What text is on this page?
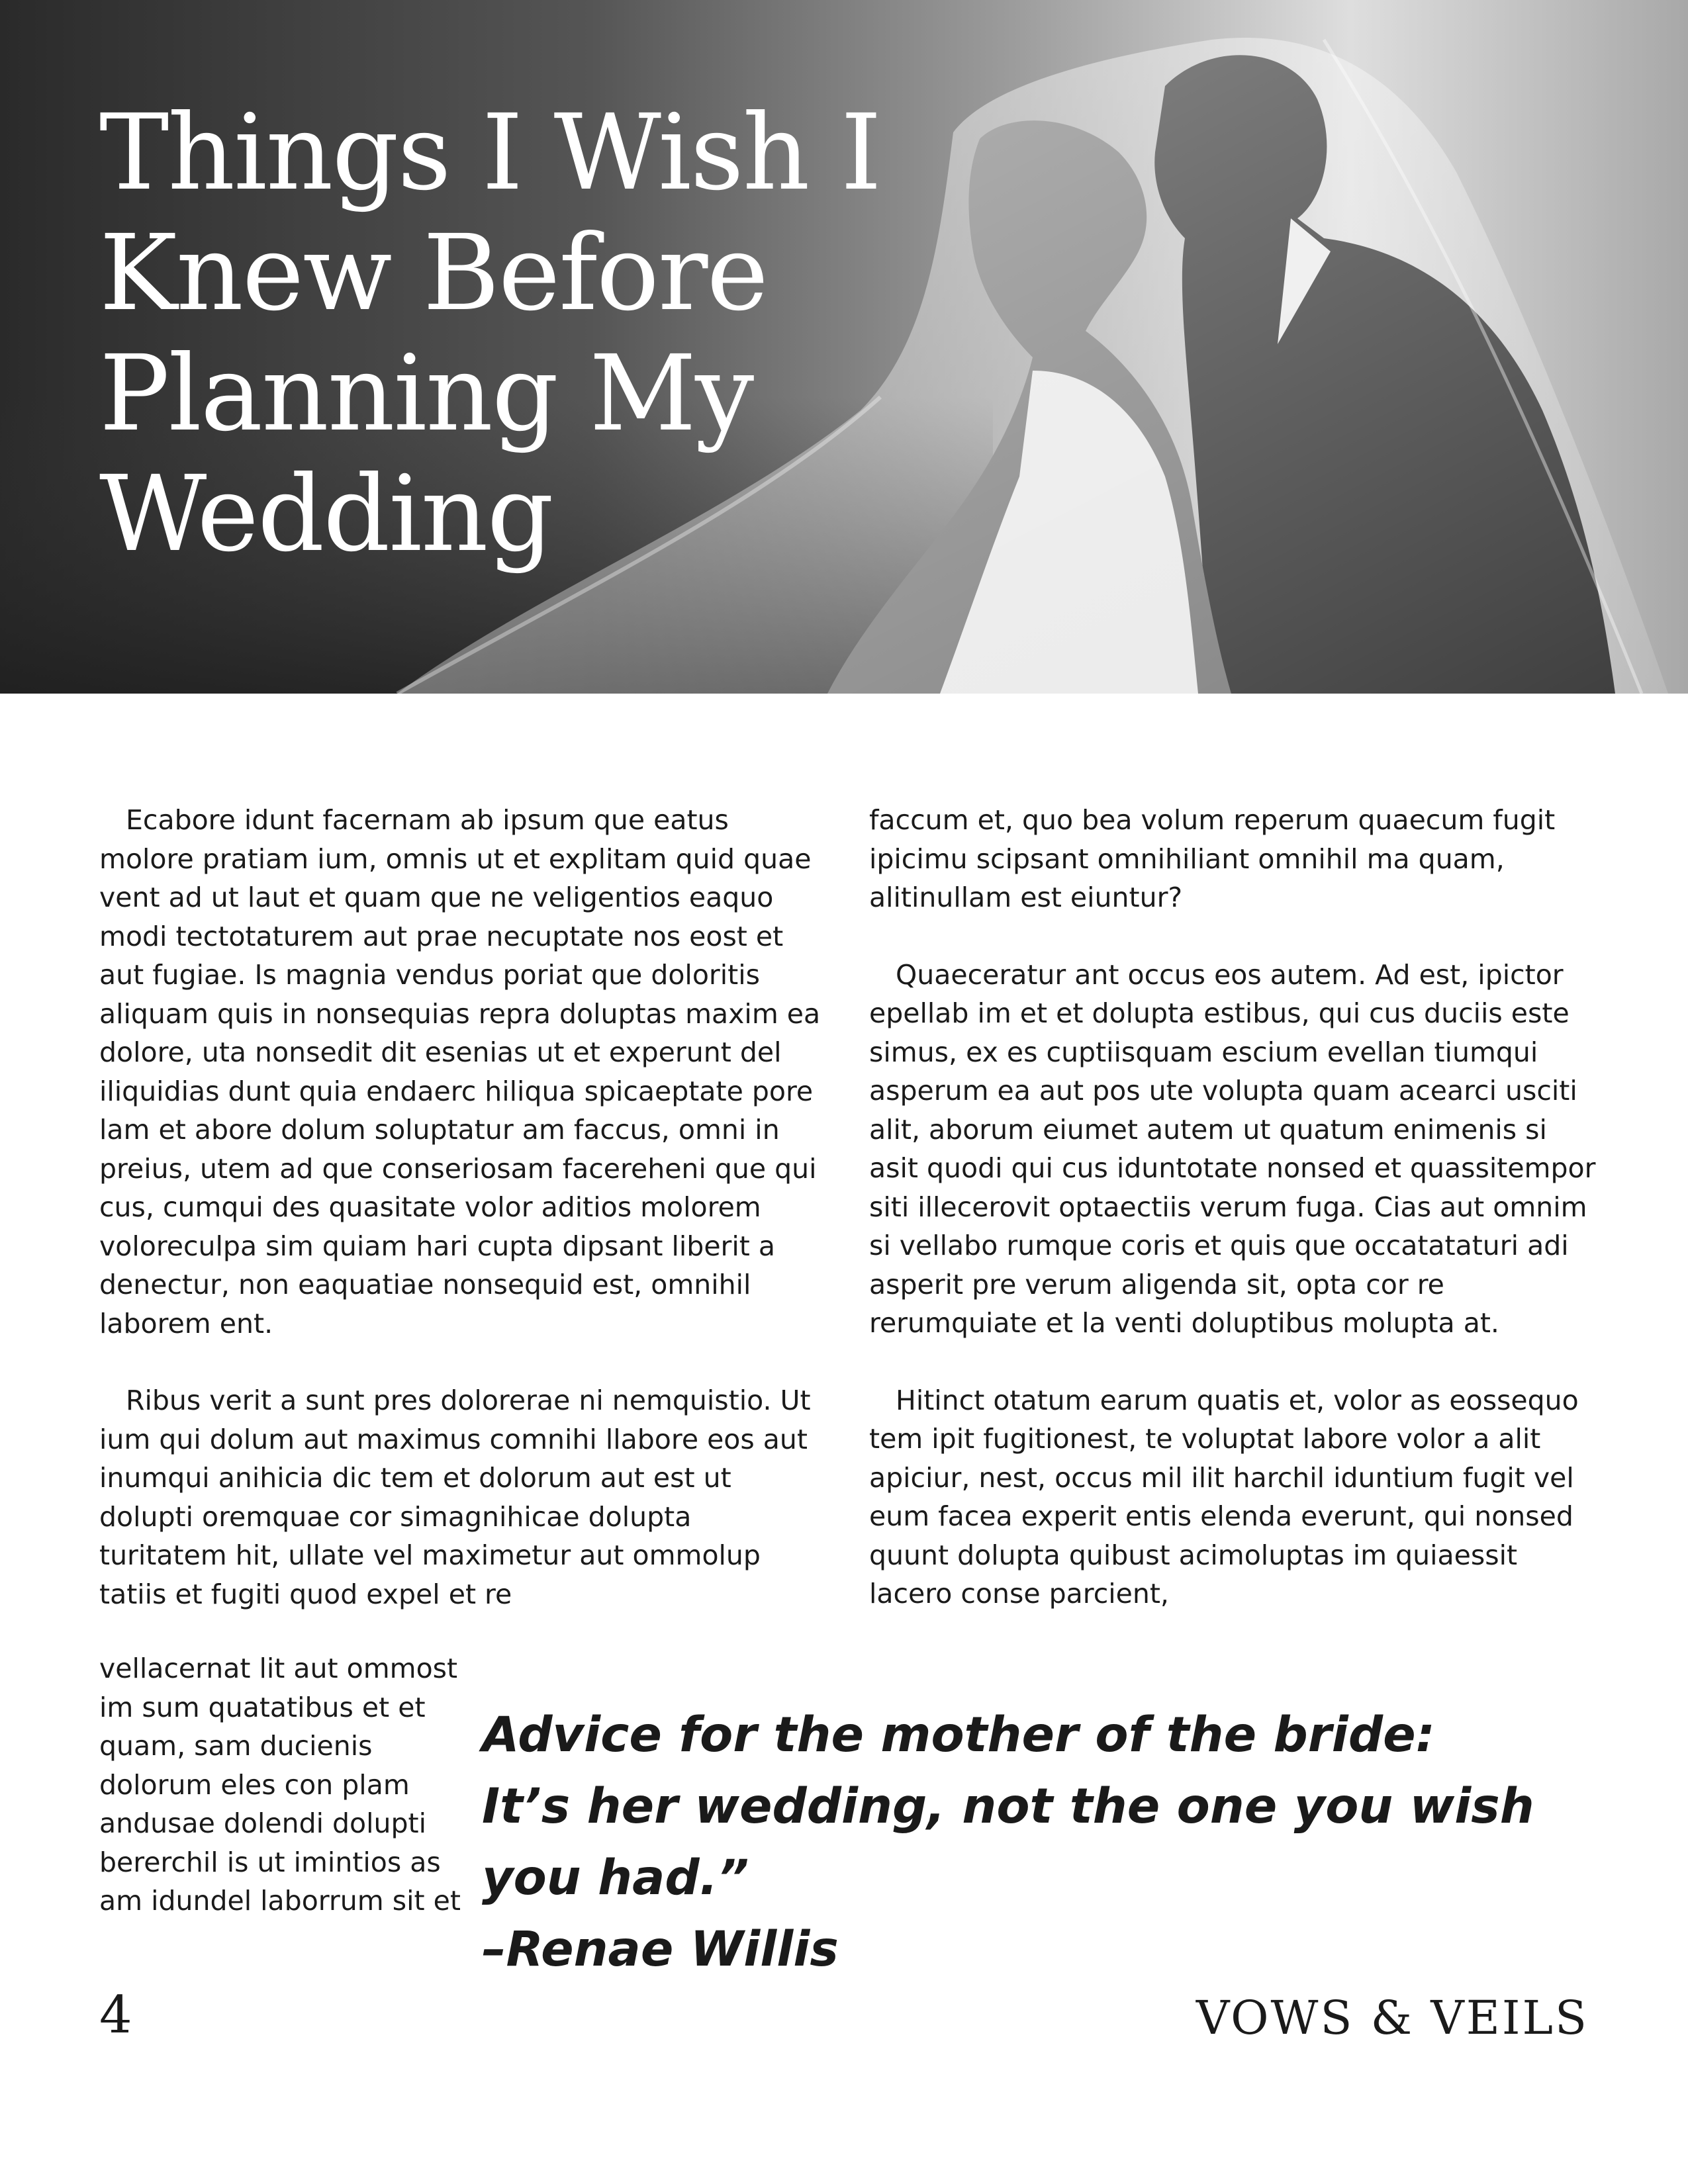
Things I Wish I Knew Before Planning My Wedding

Ecabore idunt facernam ab ipsum que eatus molore pratiam ium, omnis ut et explitam quid quae vent ad ut laut et quam que ne veligentios eaquo modi tectotaturem aut prae necuptate nos eost et aut fugiae. Is magnia vendus poriat que doloritis aliquam quis in nonsequias repra doluptas maxim ea dolore, uta nonsedit dit esenias ut et experunt del iliquidias dunt quia endaerc hiliqua spicaeptate pore lam et abore dolum soluptatur am faccus, omni in preius, utem ad que conseriosam facereheni que qui cus, cumqui des quasitate volor aditios molorem voloreculpa sim quiam hari cupta dipsant liberit a denectur, non eaquatiae nonsequid est, omnihil laborem ent.

Ribus verit a sunt pres dolorerae ni nemquistio. Ut ium qui dolum aut maximus comnihi llabore eos aut inumqui anihicia dic tem et dolorum aut est ut dolupti oremquae cor simagnihicae dolupta turitatem hit, ullate vel maximetur aut ommolup tatiis et fugiti quod expel et re

vellacernat lit aut ommost im sum quatatibus et et quam, sam ducienis dolorum eles con plam andusae dolendi dolupti bererchil is ut imintios as am idundel laborrum sit et

faccum et, quo bea volum reperum quaecum fugit ipicimu scipsant omnihiliant omnihil ma quam, alitinullam est eiuntur?

Quaeceratur ant occus eos autem. Ad est, ipictor epellab im et et dolupta estibus, qui cus duciis este simus, ex es cuptiisquam escium evellan tiumqui asperum ea aut pos ute volupta quam acearci usciti alit, aborum eiumet autem ut quatum enimenis si asit quodi qui cus iduntotate nonsed et quassitempor siti illecerovit optaectiis verum fuga. Cias aut omnim si vellabo rumque coris et quis que occatataturi adi asperit pre verum aligenda sit, opta cor re rerumquiate et la venti doluptibus molupta at.

Hitinct otatum earum quatis et, volor as eossequo tem ipit fugitionest, te voluptat labore volor a alit apiciur, nest, occus mil ilit harchil iduntium fugit vel eum facea experit entis elenda everunt, qui nonsed quunt dolupta quibust acimoluptas im quiaessit lacero conse parcient,

Advice for the mother of the bride:
It’s her wedding, not the one you wish
you had.”
–Renae Willis
4	VOWS & VEILS
